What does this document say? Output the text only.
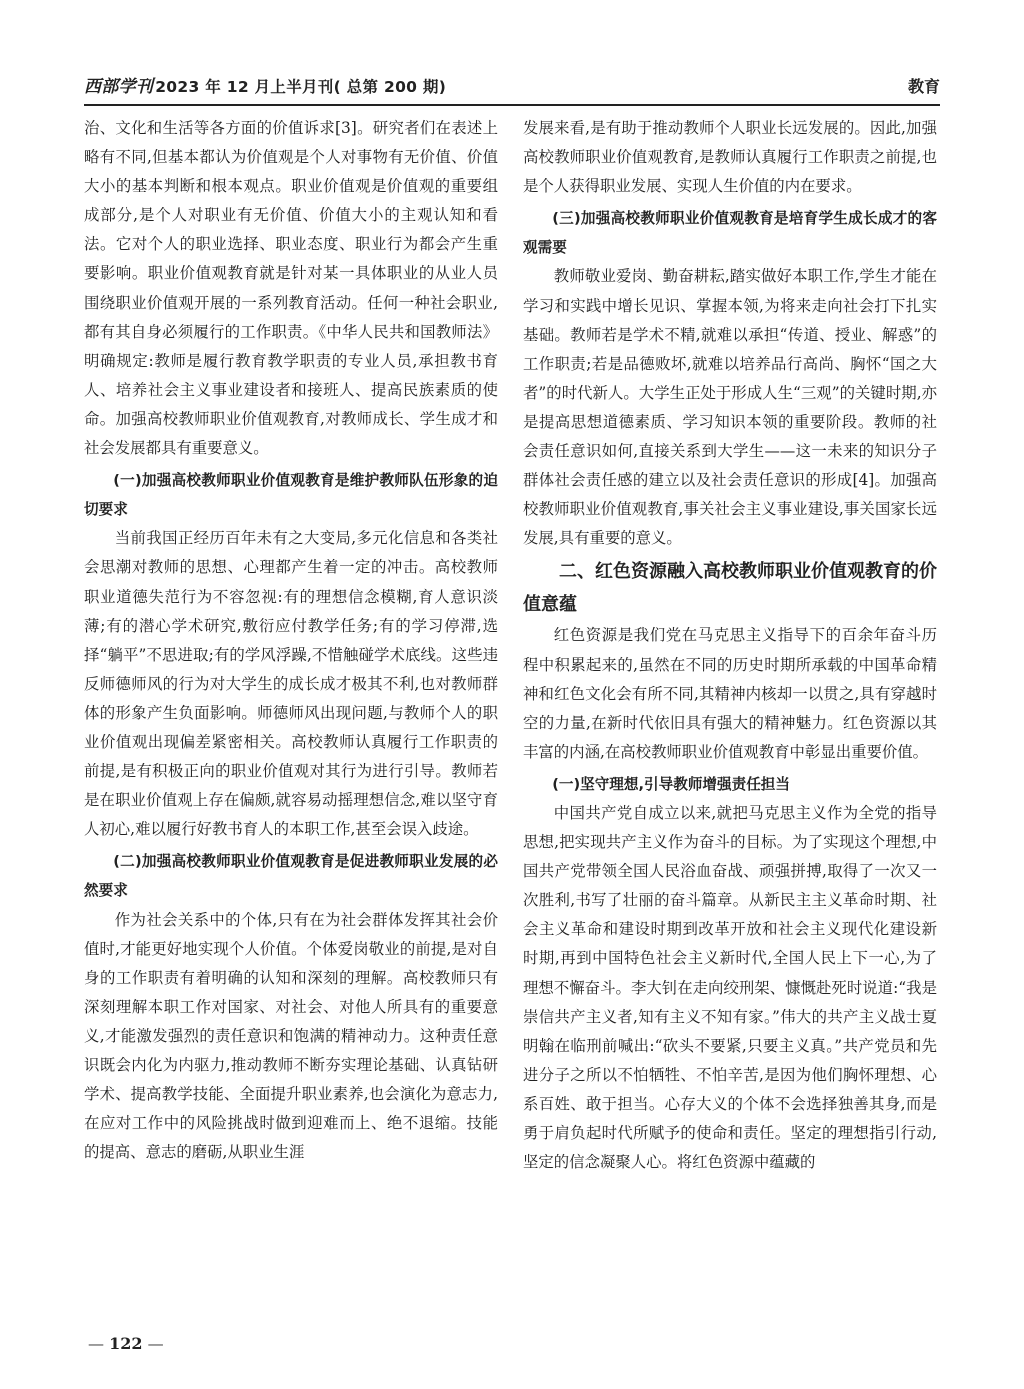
西部学刊 2023 年 12 月上半月刊( 总第 200 期)	教育

治、文化和生活等各方面的价值诉求[3]。研究者们在表述上略有不同,但基本都认为价值观是个人对事物有无价值、价值大小的基本判断和根本观点。职业价值观是价值观的重要组成部分,是个人对职业有无价值、价值大小的主观认知和看法。它对个人的职业选择、职业态度、职业行为都会产生重要影响。职业价值观教育就是针对某一具体职业的从业人员围绕职业价值观开展的一系列教育活动。任何一种社会职业,都有其自身必须履行的工作职责。《中华人民共和国教师法》明确规定:教师是履行教育教学职责的专业人员,承担教书育人、培养社会主义事业建设者和接班人、提高民族素质的使命。加强高校教师职业价值观教育,对教师成长、学生成才和社会发展都具有重要意义。

(一)加强高校教师职业价值观教育是维护教师队伍形象的迫切要求

当前我国正经历百年未有之大变局,多元化信息和各类社会思潮对教师的思想、心理都产生着一定的冲击。高校教师职业道德失范行为不容忽视:有的理想信念模糊,育人意识淡薄;有的潜心学术研究,敷衍应付教学任务;有的学习停滞,选择“躺平”不思进取;有的学风浮躁,不惜触碰学术底线。这些违反师德师风的行为对大学生的成长成才极其不利,也对教师群体的形象产生负面影响。师德师风出现问题,与教师个人的职业价值观出现偏差紧密相关。高校教师认真履行工作职责的前提,是有积极正向的职业价值观对其行为进行引导。教师若是在职业价值观上存在偏颇,就容易动摇理想信念,难以坚守育人初心,难以履行好教书育人的本职工作,甚至会误入歧途。

(二)加强高校教师职业价值观教育是促进教师职业发展的必然要求

作为社会关系中的个体,只有在为社会群体发挥其社会价值时,才能更好地实现个人价值。个体爱岗敬业的前提,是对自身的工作职责有着明确的认知和深刻的理解。高校教师只有深刻理解本职工作对国家、对社会、对他人所具有的重要意义,才能激发强烈的责任意识和饱满的精神动力。这种责任意识既会内化为内驱力,推动教师不断夯实理论基础、认真钻研学术、提高教学技能、全面提升职业素养,也会演化为意志力,在应对工作中的风险挑战时做到迎难而上、绝不退缩。技能的提高、意志的磨砺,从职业生涯

发展来看,是有助于推动教师个人职业长远发展的。因此,加强高校教师职业价值观教育,是教师认真履行工作职责之前提,也是个人获得职业发展、实现人生价值的内在要求。

(三)加强高校教师职业价值观教育是培育学生成长成才的客观需要

教师敬业爱岗、勤奋耕耘,踏实做好本职工作,学生才能在学习和实践中增长见识、掌握本领,为将来走向社会打下扎实基础。教师若是学术不精,就难以承担“传道、授业、解惑”的工作职责;若是品德败坏,就难以培养品行高尚、胸怀“国之大者”的时代新人。大学生正处于形成人生“三观”的关键时期,亦是提高思想道德素质、学习知识本领的重要阶段。教师的社会责任意识如何,直接关系到大学生——这一未来的知识分子群体社会责任感的建立以及社会责任意识的形成[4]。加强高校教师职业价值观教育,事关社会主义事业建设,事关国家长远发展,具有重要的意义。

二、红色资源融入高校教师职业价值观教育的价值意蕴

红色资源是我们党在马克思主义指导下的百余年奋斗历程中积累起来的,虽然在不同的历史时期所承载的中国革命精神和红色文化会有所不同,其精神内核却一以贯之,具有穿越时空的力量,在新时代依旧具有强大的精神魅力。红色资源以其丰富的内涵,在高校教师职业价值观教育中彰显出重要价值。

(一)坚守理想,引导教师增强责任担当

中国共产党自成立以来,就把马克思主义作为全党的指导思想,把实现共产主义作为奋斗的目标。为了实现这个理想,中国共产党带领全国人民浴血奋战、顽强拼搏,取得了一次又一次胜利,书写了壮丽的奋斗篇章。从新民主主义革命时期、社会主义革命和建设时期到改革开放和社会主义现代化建设新时期,再到中国特色社会主义新时代,全国人民上下一心,为了理想不懈奋斗。李大钊在走向绞刑架、慷慨赴死时说道:“我是崇信共产主义者,知有主义不知有家。”伟大的共产主义战士夏明翰在临刑前喊出:“砍头不要紧,只要主义真。”共产党员和先进分子之所以不怕牺牲、不怕辛苦,是因为他们胸怀理想、心系百姓、敢于担当。心存大义的个体不会选择独善其身,而是勇于肩负起时代所赋予的使命和责任。坚定的理想指引行动,坚定的信念凝聚人心。将红色资源中蕴藏的

— 122 —
